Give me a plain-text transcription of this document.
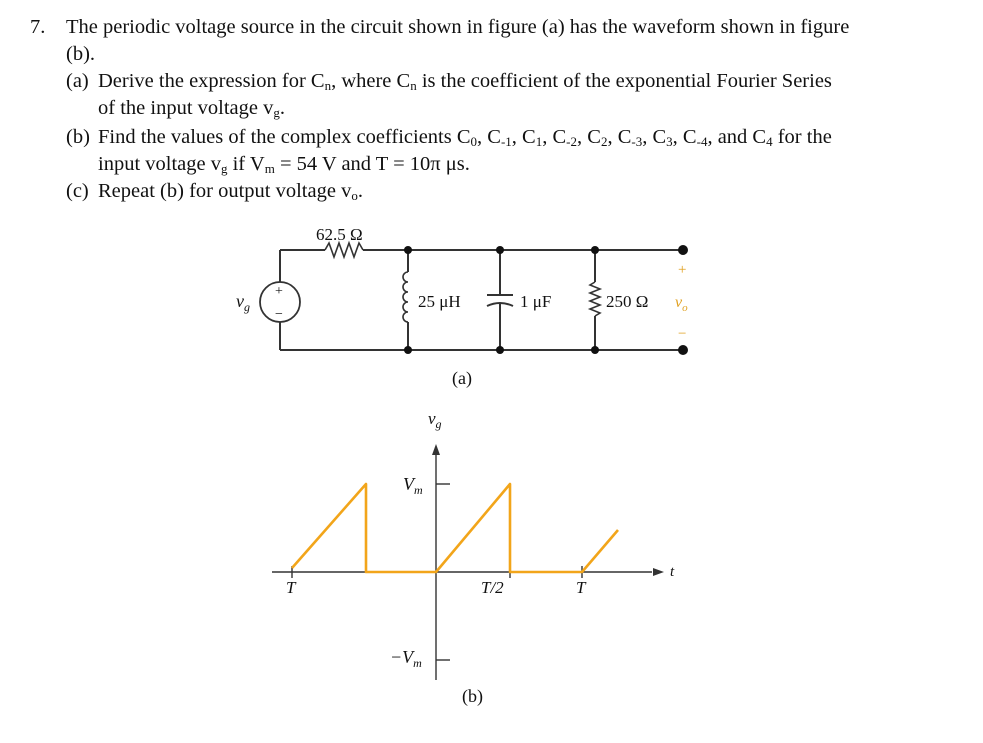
7. The periodic voltage source in the circuit shown in figure (a) has the waveform shown in figure
(b).
(a) Derive the expression for $C_n$, where $C_n$ is the coefficient of the exponential Fourier Series
of the input voltage $v_g$.
(b) Find the values of the complex coefficients $C_0$, $C_{-1}$, $C_1$, $C_{-2}$, $C_2$, $C_{-3}$, $C_3$, $C_{-4}$, and $C_4$ for the
input voltage $v_g$ if $V_m = 54$ V and T = 10π μs.
(c) Repeat (b) for output voltage $v_o$.
+
−
$v_g$
62.5 Ω
25 μH	1 μF	250 Ω
+
$v_o$
−
(a)
$v_g$
t
$V_m$
$-V_m$
T	T/2	T
(b)
